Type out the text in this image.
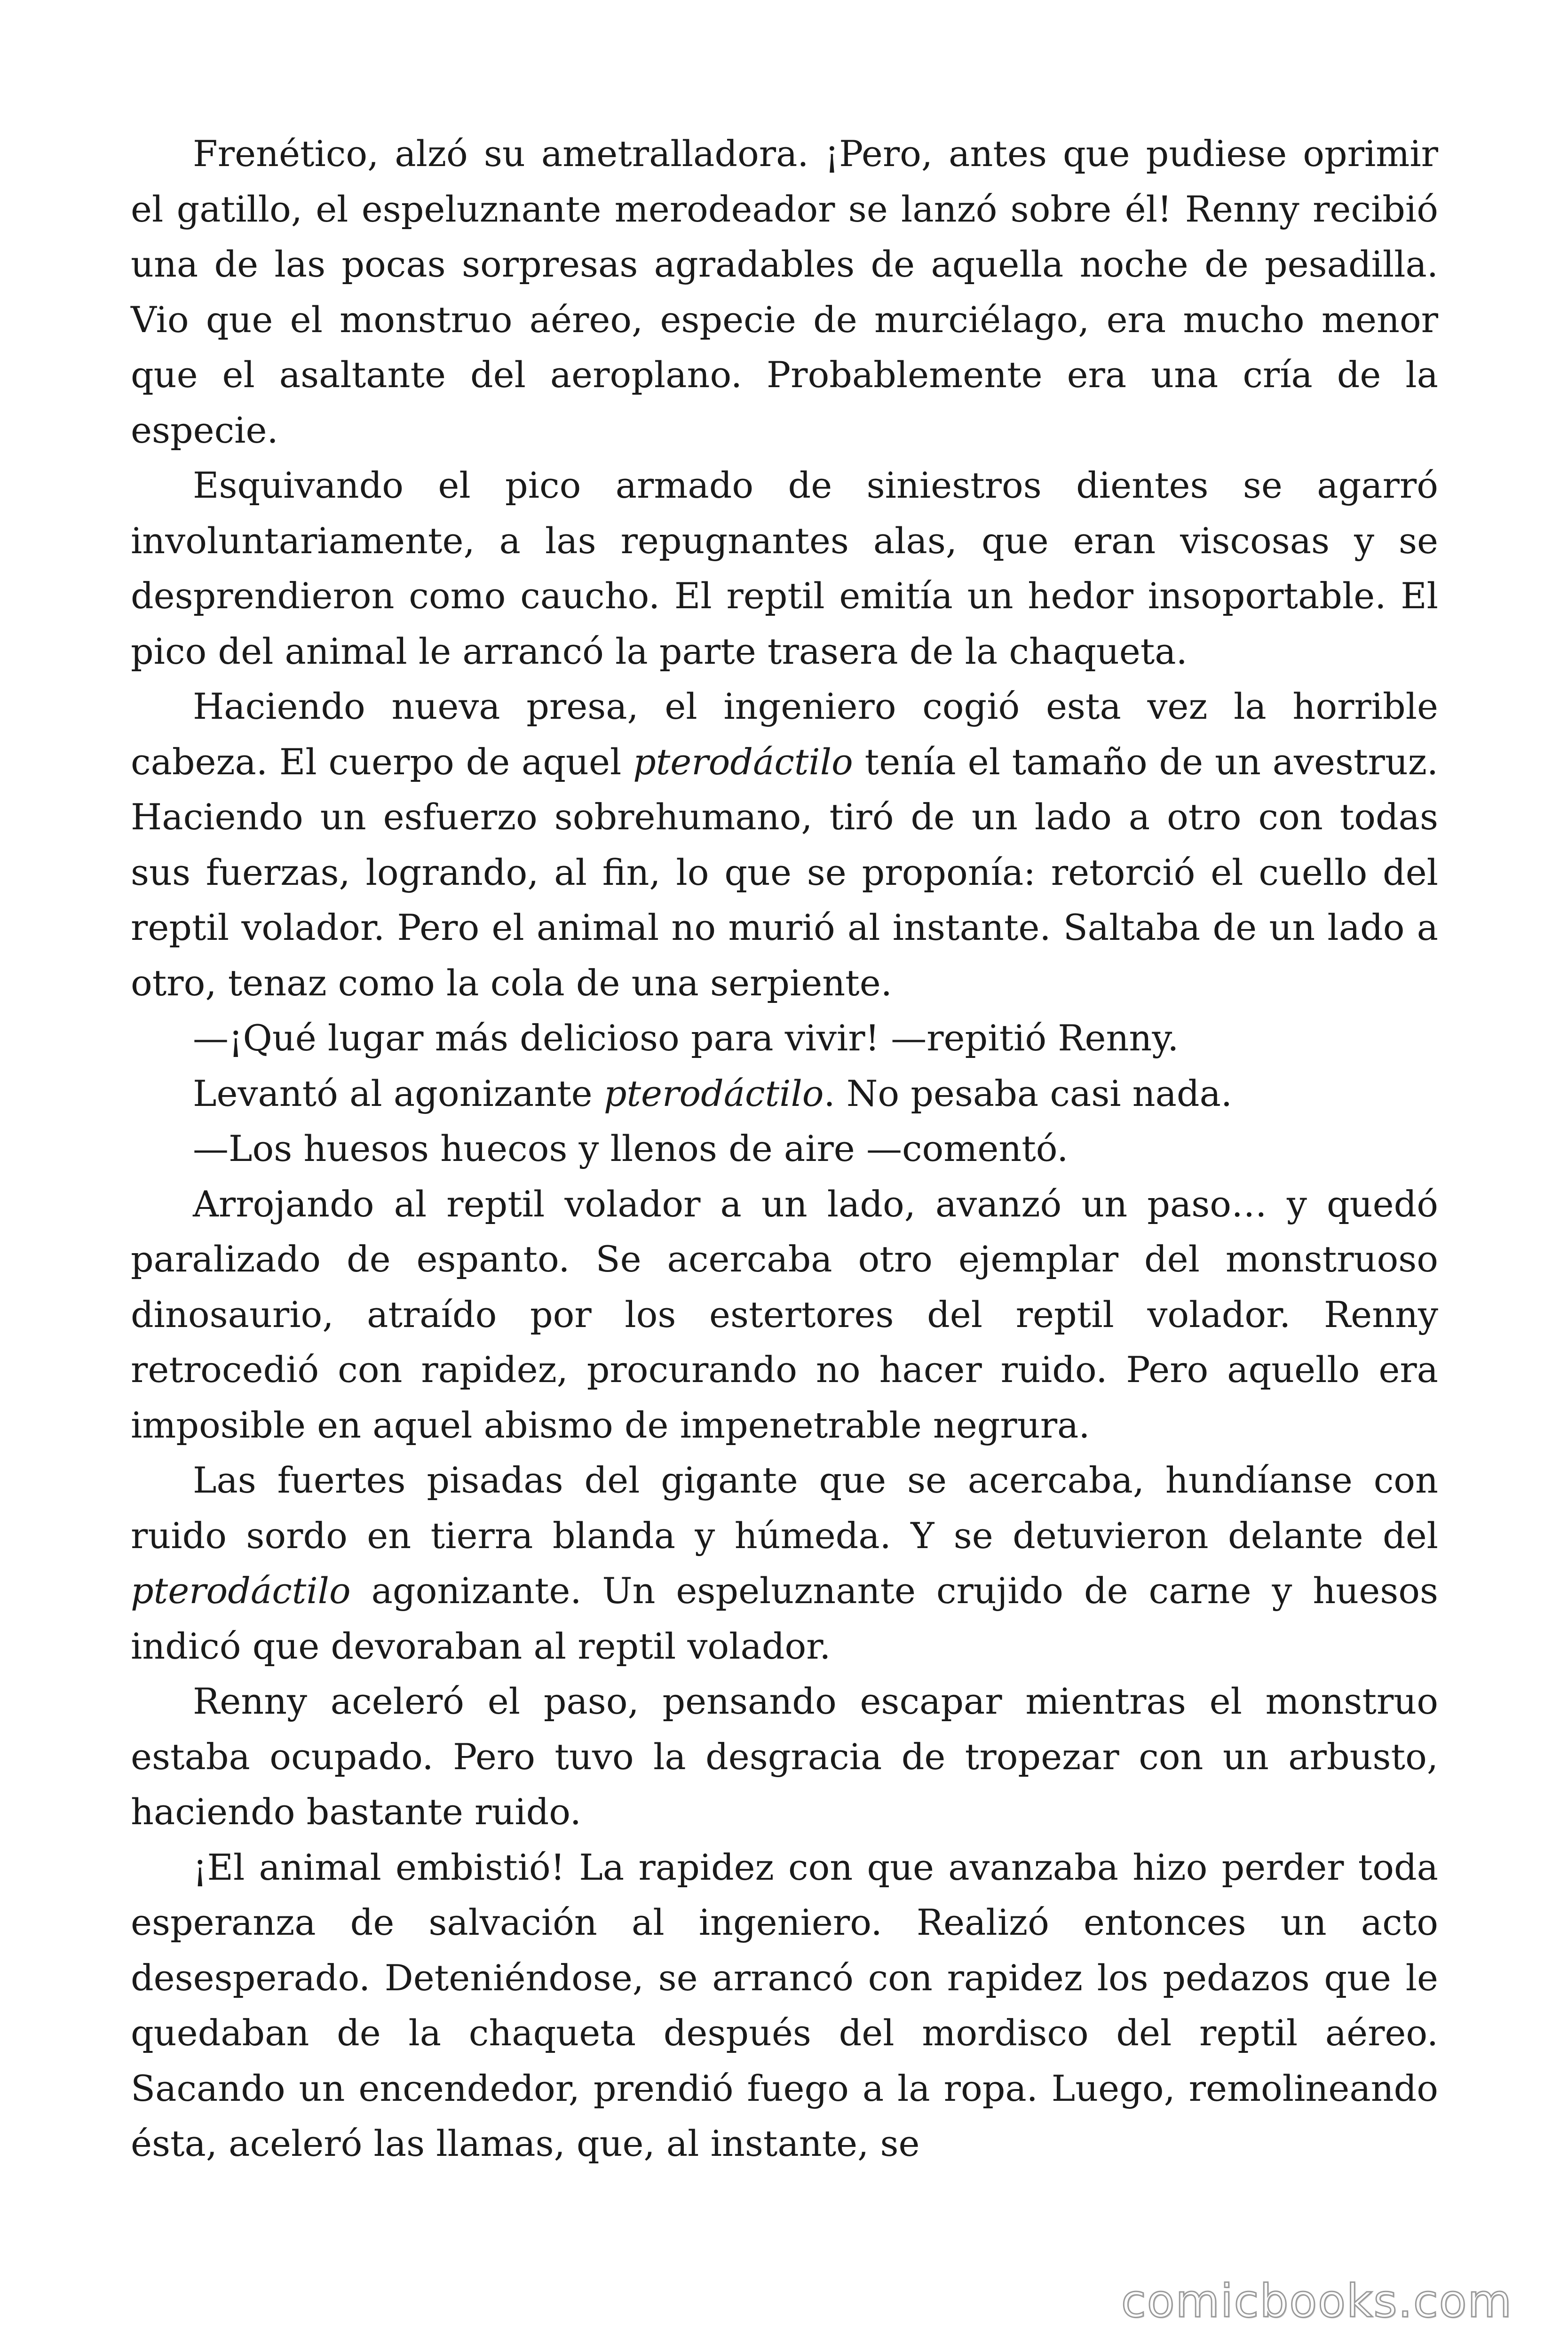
Frenético, alzó su ametralladora. ¡Pero, antes que pudiese oprimir el gatillo, el espeluznante merodeador se lanzó sobre él! Renny recibió una de las pocas sorpresas agradables de aquella noche de pesadilla. Vio que el monstruo aéreo, especie de murciélago, era mucho menor que el asaltante del aeroplano. Probablemente era una cría de la especie.

Esquivando el pico armado de siniestros dientes se agarró involuntariamente, a las repugnantes alas, que eran viscosas y se desprendieron como caucho. El reptil emitía un hedor insoportable. El pico del animal le arrancó la parte trasera de la chaqueta.

Haciendo nueva presa, el ingeniero cogió esta vez la horrible cabeza. El cuerpo de aquel pterodáctilo tenía el tamaño de un avestruz. Haciendo un esfuerzo sobrehumano, tiró de un lado a otro con todas sus fuerzas, logrando, al fin, lo que se proponía: retorció el cuello del reptil volador. Pero el animal no murió al instante. Saltaba de un lado a otro, tenaz como la cola de una serpiente.

—¡Qué lugar más delicioso para vivir! —repitió Renny.

Levantó al agonizante pterodáctilo. No pesaba casi nada.

—Los huesos huecos y llenos de aire —comentó.

Arrojando al reptil volador a un lado, avanzó un paso… y quedó paralizado de espanto. Se acercaba otro ejemplar del monstruoso dinosaurio, atraído por los estertores del reptil volador. Renny retrocedió con rapidez, procurando no hacer ruido. Pero aquello era imposible en aquel abismo de impenetrable negrura.

Las fuertes pisadas del gigante que se acercaba, hundíanse con ruido sordo en tierra blanda y húmeda. Y se detuvieron delante del pterodáctilo agonizante. Un espeluznante crujido de carne y huesos indicó que devoraban al reptil volador.

Renny aceleró el paso, pensando escapar mientras el monstruo estaba ocupado. Pero tuvo la desgracia de tropezar con un arbusto, haciendo bastante ruido.

¡El animal embistió! La rapidez con que avanzaba hizo perder toda esperanza de salvación al ingeniero. Realizó entonces un acto desesperado. Deteniéndose, se arrancó con rapidez los pedazos que le quedaban de la chaqueta después del mordisco del reptil aéreo. Sacando un encendedor, prendió fuego a la ropa. Luego, remolineando ésta, aceleró las llamas, que, al instante, se

comicbooks.com
